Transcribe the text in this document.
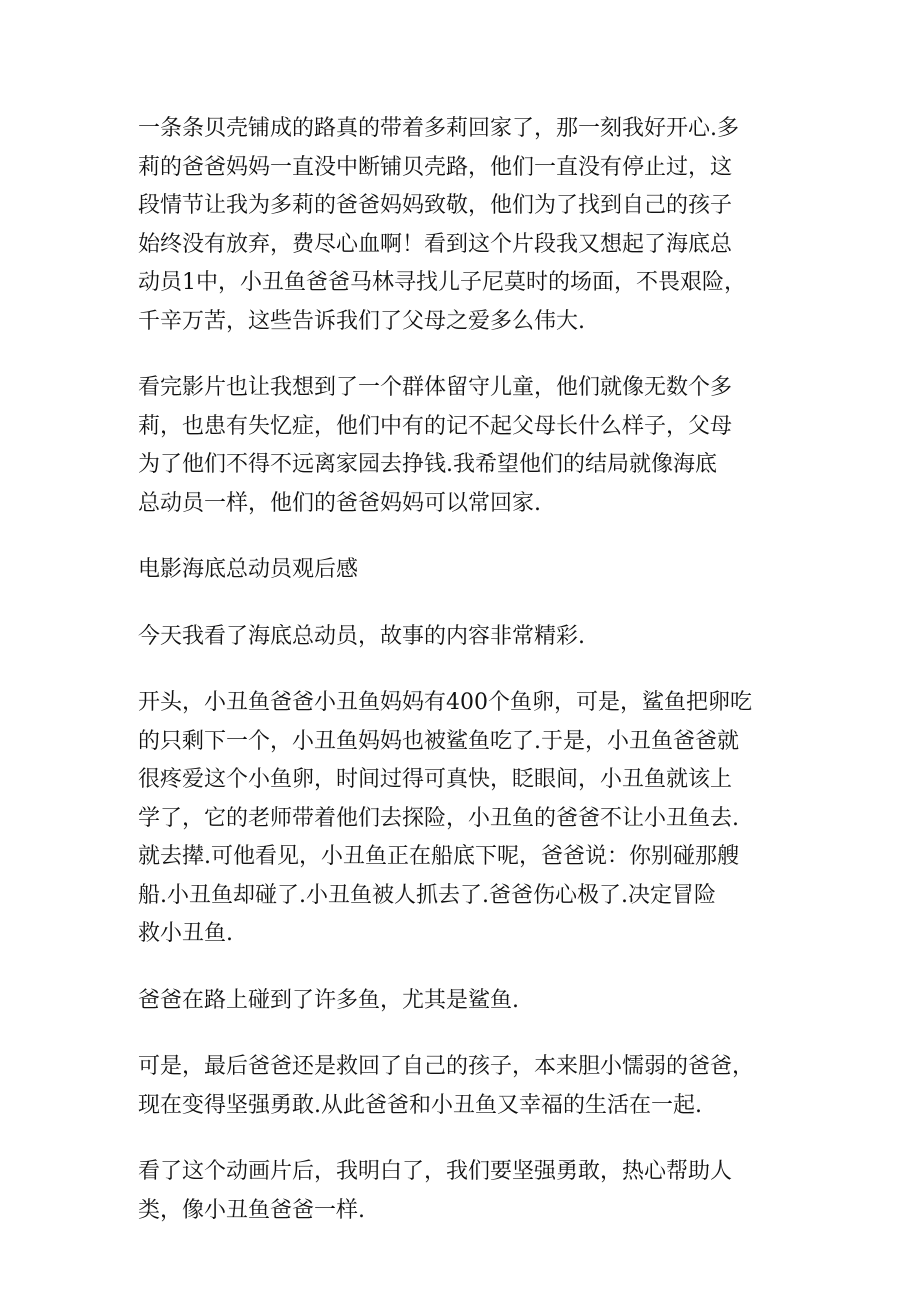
一条条贝壳铺成的路真的带着多莉回家了，那一刻我好开心.多
莉的爸爸妈妈一直没中断铺贝壳路，他们一直没有停止过，这
段情节让我为多莉的爸爸妈妈致敬，他们为了找到自己的孩子
始终没有放弃，费尽心血啊！看到这个片段我又想起了海底总
动员1中，小丑鱼爸爸马林寻找儿子尼莫时的场面，不畏艰险，
千辛万苦，这些告诉我们了父母之爱多么伟大.
看完影片也让我想到了一个群体留守儿童，他们就像无数个多
莉，也患有失忆症，他们中有的记不起父母长什么样子，父母
为了他们不得不远离家园去挣钱.我希望他们的结局就像海底
总动员一样，他们的爸爸妈妈可以常回家.
电影海底总动员观后感
今天我看了海底总动员，故事的内容非常精彩.
开头，小丑鱼爸爸小丑鱼妈妈有400个鱼卵，可是，鲨鱼把卵吃
的只剩下一个，小丑鱼妈妈也被鲨鱼吃了.于是，小丑鱼爸爸就
很疼爱这个小鱼卵，时间过得可真快，眨眼间，小丑鱼就该上
学了，它的老师带着他们去探险，小丑鱼的爸爸不让小丑鱼去.
就去撵.可他看见，小丑鱼正在船底下呢，爸爸说：你别碰那艘
船.小丑鱼却碰了.小丑鱼被人抓去了.爸爸伤心极了.决定冒险
救小丑鱼.
爸爸在路上碰到了许多鱼，尤其是鲨鱼.
可是，最后爸爸还是救回了自己的孩子，本来胆小懦弱的爸爸，
现在变得坚强勇敢.从此爸爸和小丑鱼又幸福的生活在一起.
看了这个动画片后，我明白了，我们要坚强勇敢，热心帮助人
类，像小丑鱼爸爸一样.
